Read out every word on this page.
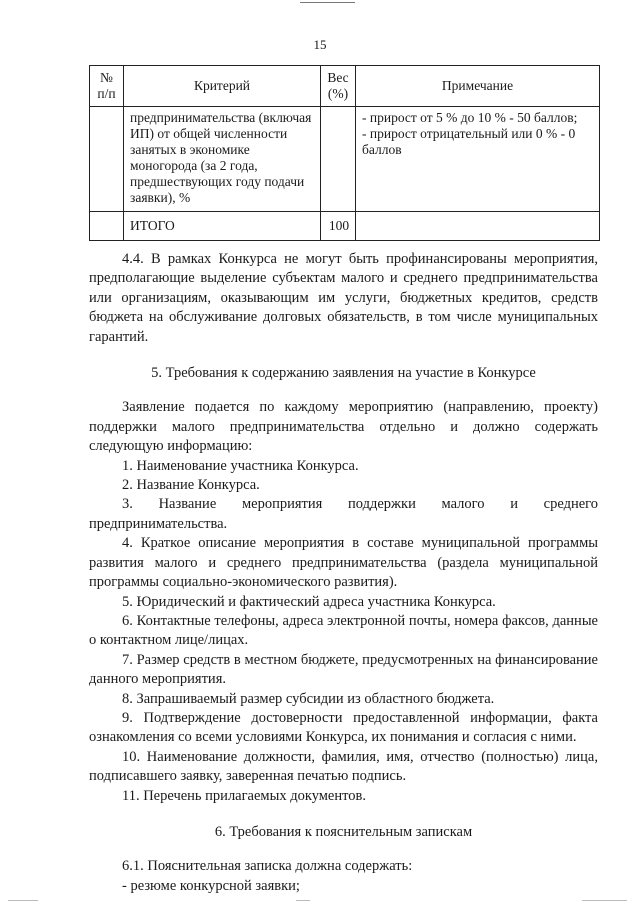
15
№ п/п	Критерий	Вес (%)	Примечание
	предпринимательства (включая ИП) от общей численности занятых в экономике моногорода (за 2 года, предшествующих году подачи заявки), %		- прирост от 5 % до 10 % - 50 баллов;
- прирост отрицательный или 0 % - 0 баллов

	ИТОГО	100	

4.4. В рамках Конкурса не могут быть профинансированы мероприятия, предполагающие выделение субъектам малого и среднего предпринимательства или организациям, оказывающим им услуги, бюджетных кредитов, средств бюджета на обслуживание долговых обязательств, в том числе муниципальных гарантий.

5. Требования к содержанию заявления на участие в Конкурсе

Заявление подается по каждому мероприятию (направлению, проекту) поддержки малого предпринимательства отдельно и должно содержать следующую информацию:

1. Наименование участника Конкурса.

2. Название Конкурса.

3. Название мероприятия поддержки малого и среднего предпринимательства.

4. Краткое описание мероприятия в составе муниципальной программы развития малого и среднего предпринимательства (раздела муниципальной программы социально-экономического развития).

5. Юридический и фактический адреса участника Конкурса.

6. Контактные телефоны, адреса электронной почты, номера факсов, данные о контактном лице/лицах.

7. Размер средств в местном бюджете, предусмотренных на финансирование данного мероприятия.

8. Запрашиваемый размер субсидии из областного бюджета.

9. Подтверждение достоверности предоставленной информации, факта ознакомления со всеми условиями Конкурса, их понимания и согласия с ними.

10. Наименование должности, фамилия, имя, отчество (полностью) лица, подписавшего заявку, заверенная печатью подпись.

11. Перечень прилагаемых документов.

6. Требования к пояснительным запискам

6.1. Пояснительная записка должна содержать:

- резюме конкурсной заявки;
